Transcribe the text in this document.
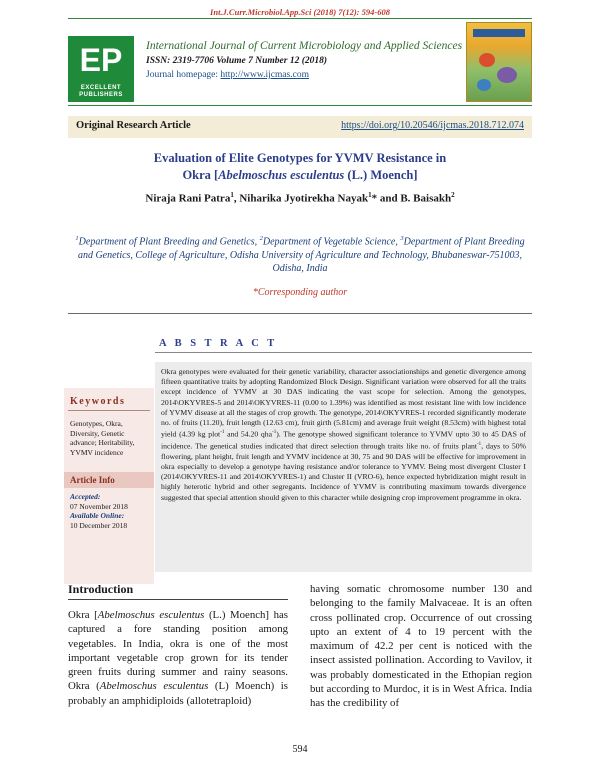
Int.J.Curr.Microbiol.App.Sci (2018) 7(12): 594-608
EP
EXCELLENT PUBLISHERS
International Journal of Current Microbiology and Applied Sciences
ISSN: 2319-7706 Volume 7 Number 12 (2018)
Journal homepage: http://www.ijcmas.com
Original Research Article	https://doi.org/10.20546/ijcmas.2018.712.074
Evaluation of Elite Genotypes for YVMV Resistance in
Okra [Abelmoschus esculentus (L.) Moench]
Niraja Rani Patra$^1$, Niharika Jyotirekha Nayak$^1$* and B. Baisakh$^2$
$^1$Department of Plant Breeding and Genetics, $^2$Department of Vegetable Science, $^3$Department of Plant Breeding and Genetics, College of Agriculture, Odisha University of Agriculture and Technology, Bhubaneswar-751003, Odisha, India
*Corresponding author
A B S T R A C T
Keywords
Genotypes, Okra, Diversity, Genetic advance; Heritability, YVMV incidence
Article Info
Accepted:
07 November 2018
Available Online:
10 December 2018
Okra genotypes were evaluated for their genetic variability, character associationships and genetic divergence among fifteen quantitative traits by adopting Randomized Block Design. Significant variation were observed for all the traits except incidence of YVMV at 30 DAS indicating the vast scope for selection. Among the genotypes, 2014\OKYVRES-5 and 2014\OKYVRES-11 (0.00 to 1.39%) was identified as most resistant line with low incidence of YVMV disease at all the stages of crop growth. The genotype, 2014\OKYVRES-1 recorded significantly moderate no. of fruits (11.20), fruit length (12.63 cm), fruit girth (5.81cm) and average fruit weight (8.53cm) with highest total yield (4.39 kg plot$^{-1}$ and 54.20 qha$^{-1}$). The genotype showed significant tolerance to YVMV upto 30 to 45 DAS of incidence. The genetical studies indicated that direct selection through traits like no. of fruits plant$^{-1}$, days to 50% flowering, plant height, fruit length and YVMV incidence at 30, 75 and 90 DAS will be effective for improvement in okra especially to develop a genotype having resistance and/or tolerance to YVMV. Being most divergent Cluster I (2014\OKYVRES-11 and 2014\OKYVRES-1) and Cluster II (VRO-6), hence expected hybridization might result in highly heterotic hybrid and other segregants. Incidence of YVMV is contributing maximum towards divergence suggested that special attention should given to this character while designing crop improvement programme in okra.
Introduction
Okra [Abelmoschus esculentus (L.) Moench] has captured a fore standing position among vegetables. In India, okra is one of the most important vegetable crop grown for its tender green fruits during summer and rainy seasons. Okra (Abelmoschus esculentus (L) Moench) is probably an amphidiploids (allotetraploid)
having somatic chromosome number 130 and belonging to the family Malvaceae. It is an often cross pollinated crop. Occurrence of out crossing upto an extent of 4 to 19 percent with the maximum of 42.2 per cent is noticed with the insect assisted pollination. According to Vavilov, it was probably domesticated in the Ethopian region but according to Murdoc, it is in West Africa. India has the credibility of
594
